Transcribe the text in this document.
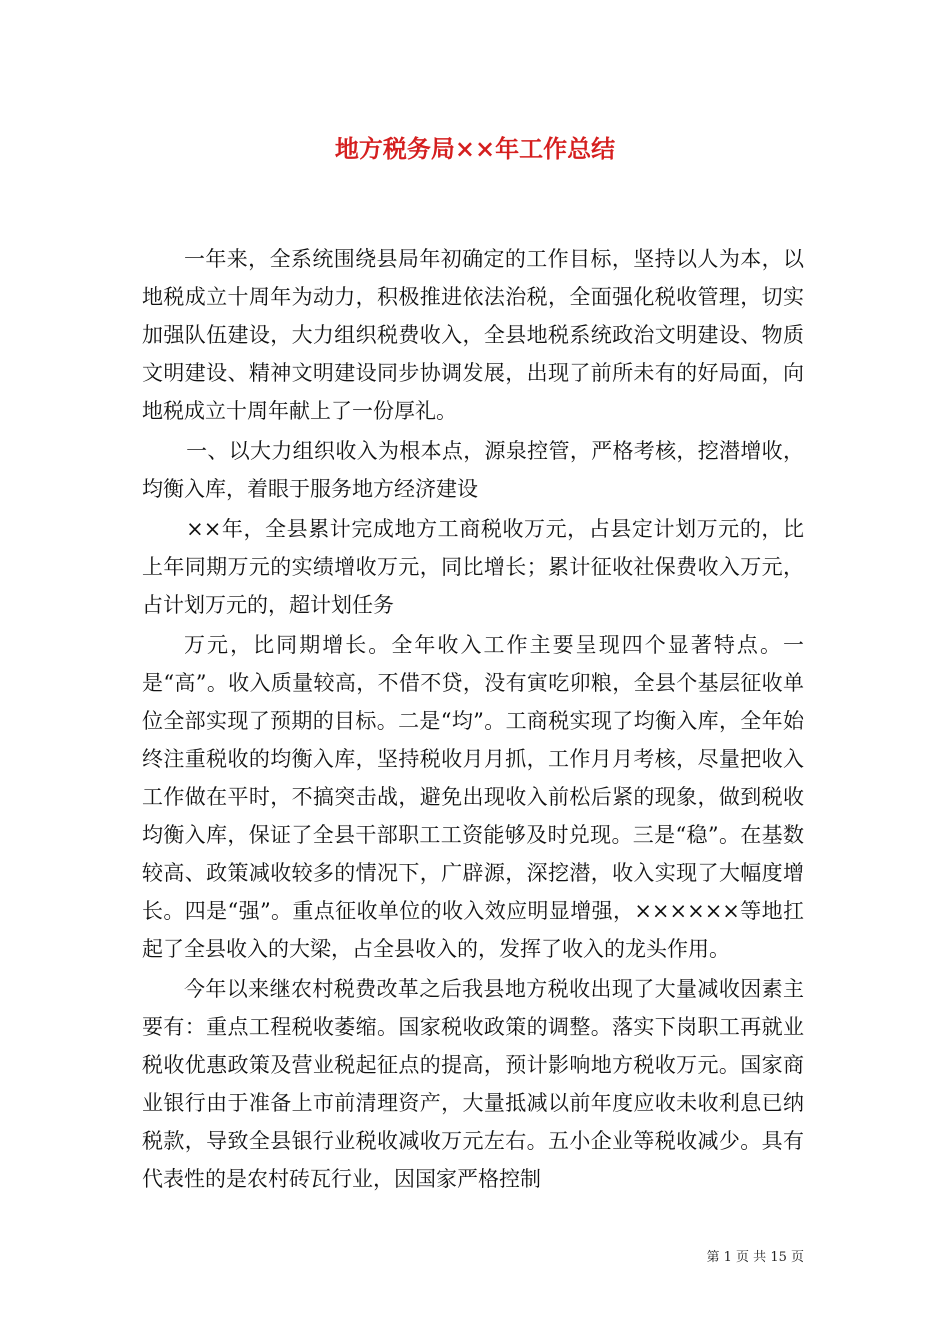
地方税务局××年工作总结

一年来，全系统围绕县局年初确定的工作目标，坚持以人为本，以地税成立十周年为动力，积极推进依法治税，全面强化税收管理，切实加强队伍建设，大力组织税费收入，全县地税系统政治文明建设、物质文明建设、精神文明建设同步协调发展，出现了前所未有的好局面，向地税成立十周年献上了一份厚礼。

一、以大力组织收入为根本点，源泉控管，严格考核，挖潜增收，均衡入库，着眼于服务地方经济建设

××年，全县累计完成地方工商税收万元，占县定计划万元的，比上年同期万元的实绩增收万元，同比增长；累计征收社保费收入万元，占计划万元的，超计划任务

万元，比同期增长。全年收入工作主要呈现四个显著特点。一是“高”。收入质量较高，不借不贷，没有寅吃卯粮，全县个基层征收单位全部实现了预期的目标。二是“均”。工商税实现了均衡入库，全年始终注重税收的均衡入库，坚持税收月月抓，工作月月考核，尽量把收入工作做在平时，不搞突击战，避免出现收入前松后紧的现象，做到税收均衡入库，保证了全县干部职工工资能够及时兑现。三是“稳”。在基数较高、政策减收较多的情况下，广辟源，深挖潜，收入实现了大幅度增长。四是“强”。重点征收单位的收入效应明显增强，××××××等地扛起了全县收入的大梁，占全县收入的，发挥了收入的龙头作用。

今年以来继农村税费改革之后我县地方税收出现了大量减收因素主要有：重点工程税收萎缩。国家税收政策的调整。落实下岗职工再就业税收优惠政策及营业税起征点的提高，预计影响地方税收万元。国家商业银行由于准备上市前清理资产，大量抵减以前年度应收未收利息已纳税款，导致全县银行业税收减收万元左右。五小企业等税收减少。具有代表性的是农村砖瓦行业，因国家严格控制

第 1 页 共 15 页
